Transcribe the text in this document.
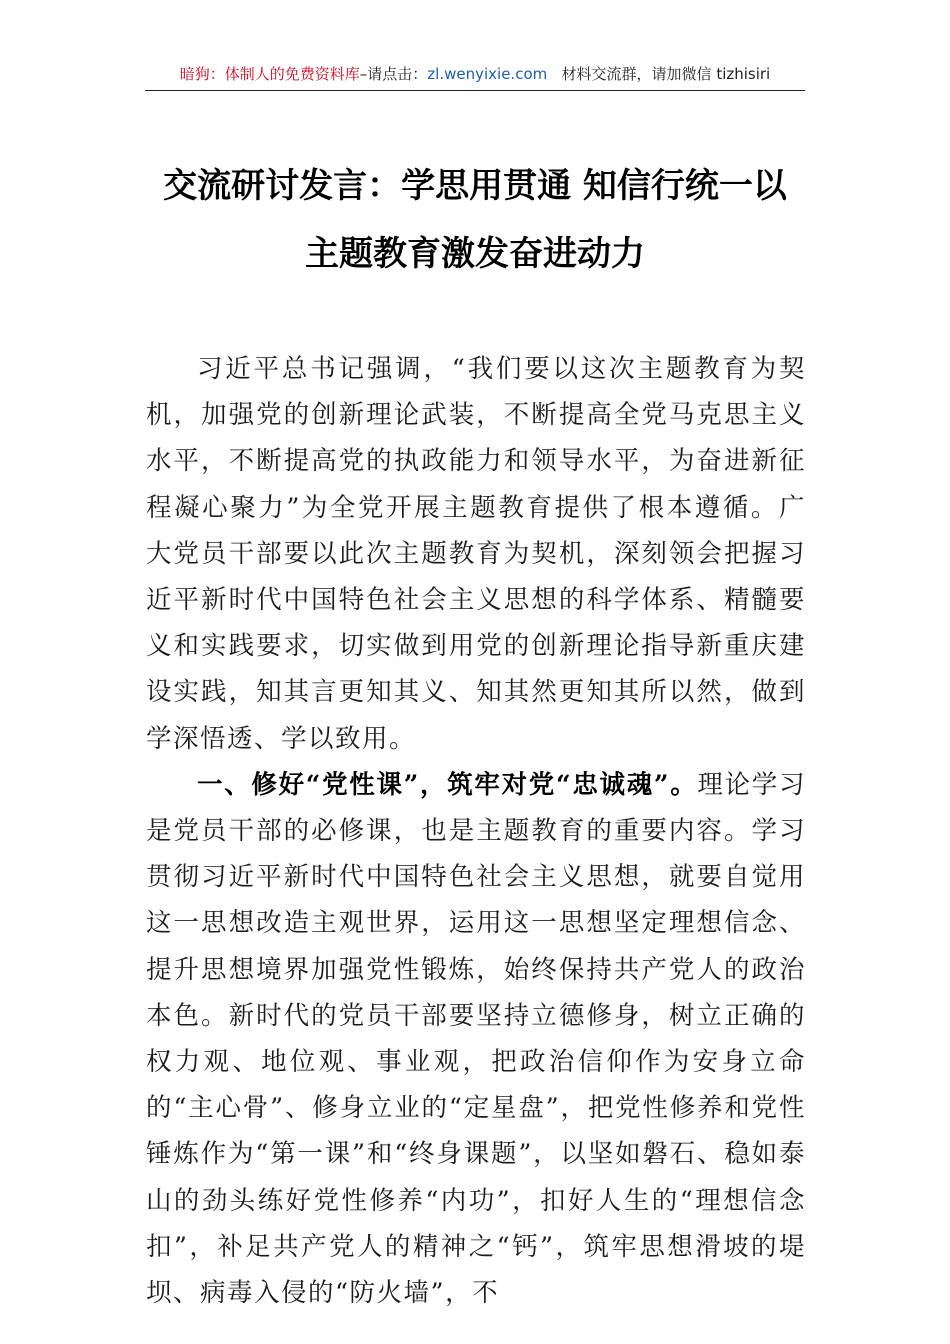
暗狗：体制人的免费资料库–请点击：zl.wenyixie.com 材料交流群，请加微信 tizhisiri
交流研讨发言：学思用贯通 知信行统一以
主题教育激发奋进动力

习近平总书记强调，“我们要以这次主题教育为契机，加强党的创新理论武装，不断提高全党马克思主义水平，不断提高党的执政能力和领导水平，为奋进新征程凝心聚力”为全党开展主题教育提供了根本遵循。广大党员干部要以此次主题教育为契机，深刻领会把握习近平新时代中国特色社会主义思想的科学体系、精髓要义和实践要求，切实做到用党的创新理论指导新重庆建设实践，知其言更知其义、知其然更知其所以然，做到学深悟透、学以致用。

一、修好“党性课”，筑牢对党“忠诚魂”。理论学习是党员干部的必修课，也是主题教育的重要内容。学习贯彻习近平新时代中国特色社会主义思想，就要自觉用这一思想改造主观世界，运用这一思想坚定理想信念、提升思想境界加强党性锻炼，始终保持共产党人的政治本色。新时代的党员干部要坚持立德修身，树立正确的权力观、地位观、事业观，把政治信仰作为安身立命的“主心骨”、修身立业的“定星盘”，把党性修养和党性锤炼作为“第一课”和“终身课题”，以坚如磐石、稳如泰山的劲头练好党性修养“内功”，扣好人生的“理想信念扣”，补足共产党人的精神之“钙”，筑牢思想滑坡的堤坝、病毒入侵的“防火墙”，不
